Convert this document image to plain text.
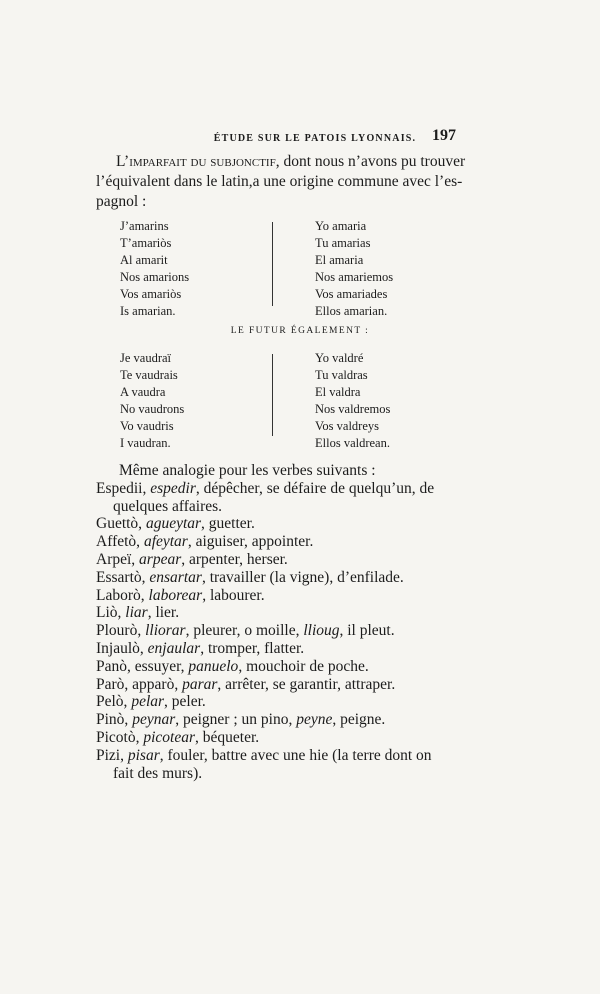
ÉTUDE SUR LE PATOIS LYONNAIS. 197
L’imparfait du subjonctif, dont nous n’avons pu trouver
l’équivalent dans le latin,a une origine commune avec l’es-
pagnol :
J’amarins
T’amariòs
Al amarit
Nos amarions
Vos amariòs
Is amarian.
Yo amaria
Tu amarias
El amaria
Nos amariemos
Vos amariades
Ellos amarian.
LE FUTUR ÉGALEMENT :
Je vaudraï
Te vaudrais
A vaudra
No vaudrons
Vo vaudris
I vaudran.
Yo valdré
Tu valdras
El valdra
Nos valdremos
Vos valdreys
Ellos valdrean.
Même analogie pour les verbes suivants :
Espedii, espedir, dépêcher, se défaire de quelqu’un, de
quelques affaires.
Guettò, agueytar, guetter.
Affetò, afeytar, aiguiser, appointer.
Arpeï, arpear, arpenter, herser.
Essartò, ensartar, travailler (la vigne), d’enfilade.
Laborò, laborear, labourer.
Liò, liar, lier.
Plourò, lliorar, pleurer, o moille, llioug, il pleut.
Injaulò, enjaular, tromper, flatter.
Panò, essuyer, panuelo, mouchoir de poche.
Parò, apparò, parar, arrêter, se garantir, attraper.
Pelò, pelar, peler.
Pinò, peynar, peigner ; un pino, peyne, peigne.
Picotò, picotear, béqueter.
Pizi, pisar, fouler, battre avec une hie (la terre dont on
fait des murs).
